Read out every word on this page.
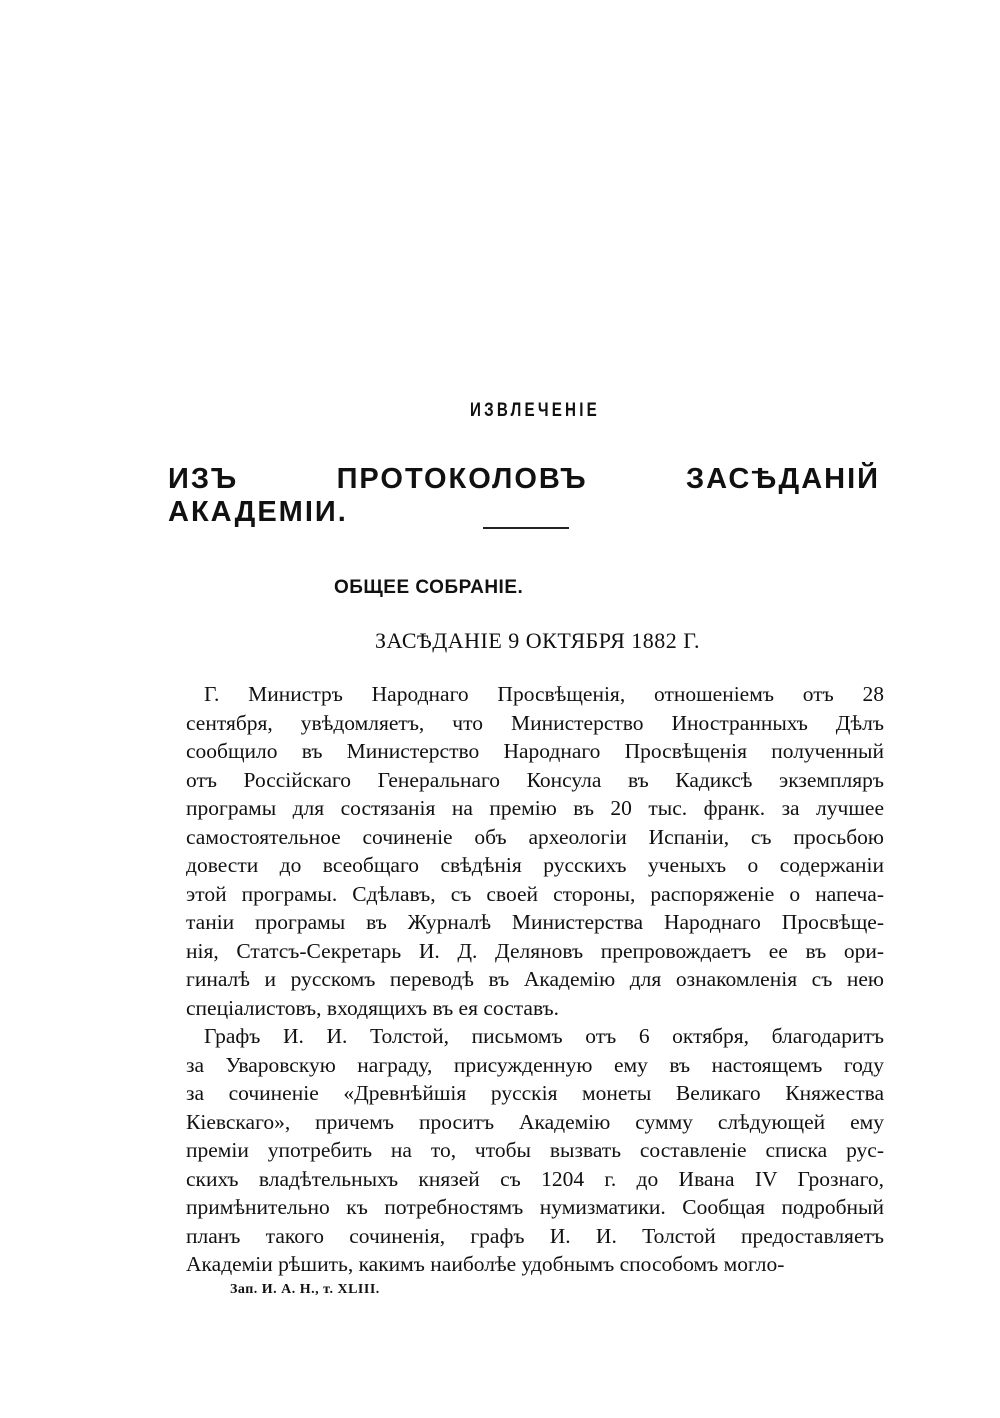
ИЗВЛЕЧЕНІЕ
ИЗЪ ПРОТОКОЛОВЪ ЗАСѢДАНІЙ АКАДЕМІИ.
ОБЩЕЕ СОБРАНІЕ.
ЗАСѢДАНІЕ 9 ОКТЯБРЯ 1882 Г.
Г. Министръ Народнаго Просвѣщенія, отношеніемъ отъ 28
сентября, увѣдомляетъ, что Министерство Иностранныхъ Дѣлъ
сообщило въ Министерство Народнаго Просвѣщенія полученный
отъ Россійскаго Генеральнаго Консула въ Кадиксѣ экземпляръ
програмы для состязанія на премію въ 20 тыс. франк. за лучшее
самостоятельное сочиненіе объ археологіи Испаніи, съ просьбою
довести до всеобщаго свѣдѣнія русскихъ ученыхъ о содержаніи
этой програмы. Сдѣлавъ, съ своей стороны, распоряженіе о напеча-
таніи програмы въ Журналѣ Министерства Народнаго Просвѣще-
нія, Статсъ-Секретарь И. Д. Деляновъ препровождаетъ ее въ ори-
гиналѣ и русскомъ переводѣ въ Академію для ознакомленія съ нею
спеціалистовъ, входящихъ въ ея составъ.
Графъ И. И. Толстой, письмомъ отъ 6 октября, благодаритъ
за Уваровскую награду, присужденную ему въ настоящемъ году
за сочиненіе «Древнѣйшія русскія монеты Великаго Княжества
Кіевскаго», причемъ проситъ Академію сумму слѣдующей ему
преміи употребить на то, чтобы вызвать составленіе списка рус-
скихъ владѣтельныхъ князей съ 1204 г. до Ивана IV Грознаго,
примѣнительно къ потребностямъ нумизматики. Сообщая подробный
планъ такого сочиненія, графъ И. И. Толстой предоставляетъ
Академіи рѣшить, какимъ наиболѣе удобнымъ способомъ могло-
Зап. И. А. Н., т. XLIII.
